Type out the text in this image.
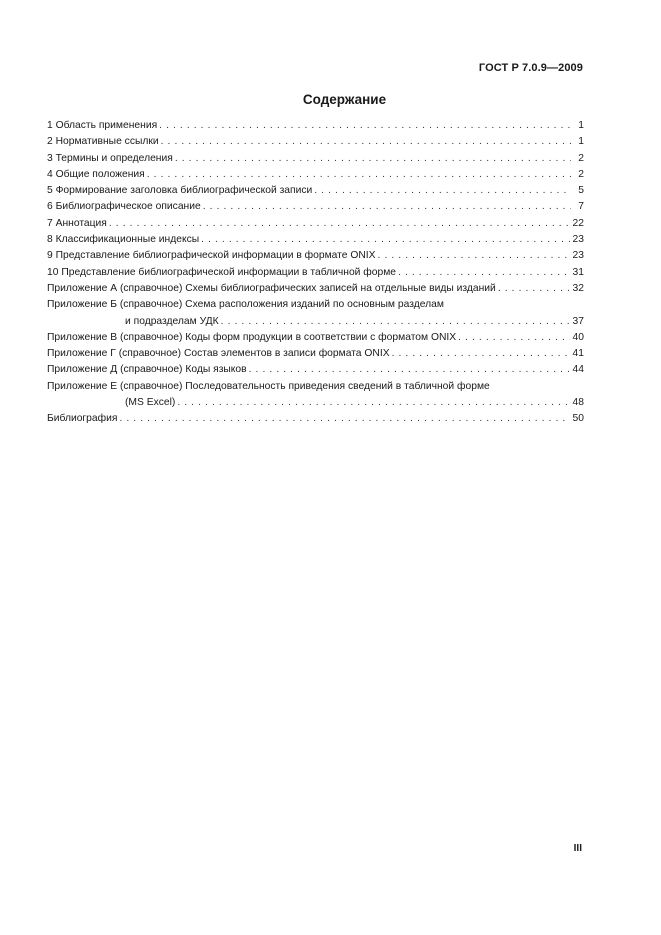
ГОСТ Р 7.0.9—2009
Содержание
1 Область применения . . .	1
2 Нормативные ссылки . . .	1
3 Термины и определения . . .	2
4 Общие положения . . .	2
5 Формирование заголовка библиографической записи . . .	5
6 Библиографическое описание . . .	7
7 Аннотация . . .	22
8 Классификационные индексы . . .	23
9 Представление библиографической информации в формате ONIX . . .	23
10 Представление библиографической информации в табличной форме . . .	31
Приложение А (справочное) Схемы библиографических записей на отдельные виды изданий . . .	32
Приложение Б (справочное) Схема расположения изданий по основным разделам
и подразделам УДК . . .	37
Приложение В (справочное) Коды форм продукции в соответствии с форматом ONIX . . .	40
Приложение Г (справочное) Состав элементов в записи формата ONIX . . .	41
Приложение Д (справочное) Коды языков . . .	44
Приложение Е (справочное) Последовательность приведения сведений в табличной форме
(MS Excel) . . .	48
Библиография . . .	50
III
